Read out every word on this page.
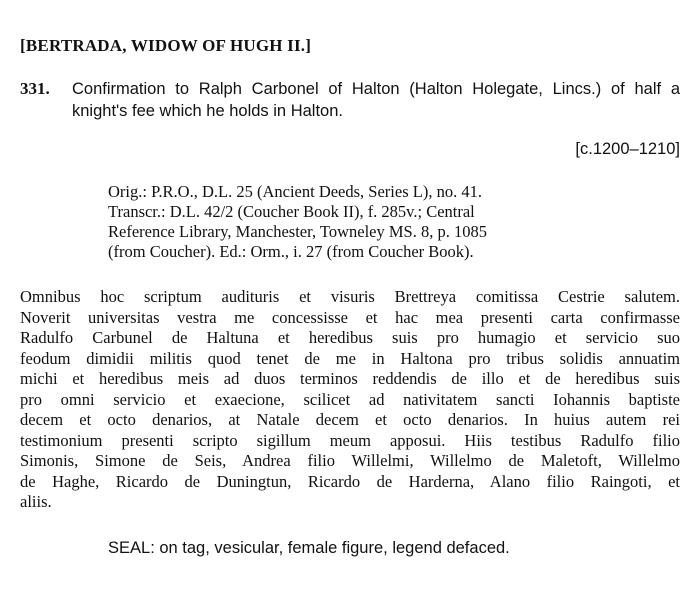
[BERTRADA, WIDOW OF HUGH II.]
331. Confirmation to Ralph Carbonel of Halton (Halton Holegate, Lincs.) of half a knight's fee which he holds in Halton.
[c.1200–1210]
Orig.: P.R.O., D.L. 25 (Ancient Deeds, Series L), no. 41.
Transcr.: D.L. 42/2 (Coucher Book II), f. 285v.; Central
Reference Library, Manchester, Towneley MS. 8, p. 1085
(from Coucher). Ed.: Orm., i. 27 (from Coucher Book).
Omnibus hoc scriptum audituris et visuris Brettreya comitissa Cestrie salutem.
Noverit universitas vestra me concessisse et hac mea presenti carta confirmasse
Radulfo Carbunel de Haltuna et heredibus suis pro humagio et servicio suo
feodum dimidii militis quod tenet de me in Haltona pro tribus solidis annuatim
michi et heredibus meis ad duos terminos reddendis de illo et de heredibus suis
pro omni servicio et exaecione, scilicet ad nativitatem sancti Iohannis baptiste
decem et octo denarios, at Natale decem et octo denarios. In huius autem rei
testimonium presenti scripto sigillum meum apposui. Hiis testibus Radulfo filio
Simonis, Simone de Seis, Andrea filio Willelmi, Willelmo de Maletoft, Willelmo
de Haghe, Ricardo de Duningtun, Ricardo de Harderna, Alano filio Raingoti, et
aliis.
SEAL: on tag, vesicular, female figure, legend defaced.
